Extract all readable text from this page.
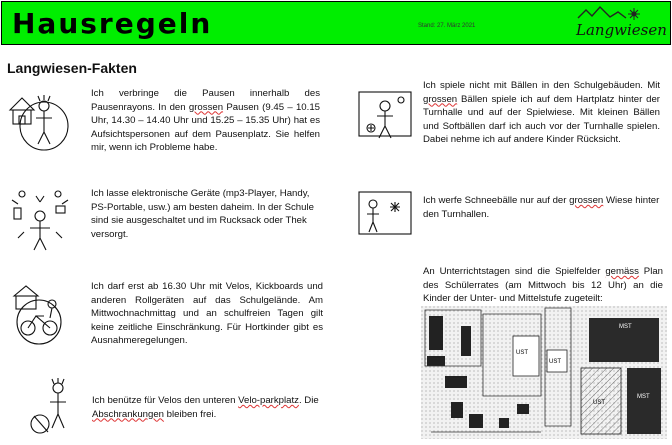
Hausregeln	Stand: 27. März 2021	Langwiesen
Langwiesen-Fakten
Ich verbringe die Pausen innerhalb des Pausenrayons. In den grossen Pausen (9.45 – 10.15 Uhr, 14.30 – 14.40 Uhr und 15.25 – 15.35 Uhr) hat es Aufsichtspersonen auf dem Pausenplatz. Sie helfen mir, wenn ich Probleme habe.
Ich lasse elektronische Geräte (mp3-Player, Handy, PS-Portable, usw.) am besten daheim. In der Schule sind sie ausgeschaltet und im Rucksack oder Thek versorgt.
Ich darf erst ab 16.30 Uhr mit Velos, Kickboards und anderen Rollgeräten auf das Schulgelände. Am Mittwochnachmittag und an schulfreien Tagen gilt keine zeitliche Einschränkung. Für Hortkinder gibt es Ausnahmeregelungen.
Ich benütze für Velos den unteren Velo-parkplatz. Die Abschrankungen bleiben frei.
Ich spiele nicht mit Bällen in den Schulgebäuden. Mit grossen Bällen spiele ich auf dem Hartplatz hinter der Turnhalle und auf der Spielwiese. Mit kleinen Bällen und Softbällen darf ich auch vor der Turnhalle spielen. Dabei nehme ich auf andere Kinder Rücksicht.
Ich werfe Schneebälle nur auf der grossen Wiese hinter den Turnhallen.
An Unterrichtstagen sind die Spielfelder gemäss Plan des Schülerrates (am Mittwoch bis 12 Uhr) an die Kinder der Unter- und Mittelstufe zugeteilt:
UST
UST
MST
UST
MST
